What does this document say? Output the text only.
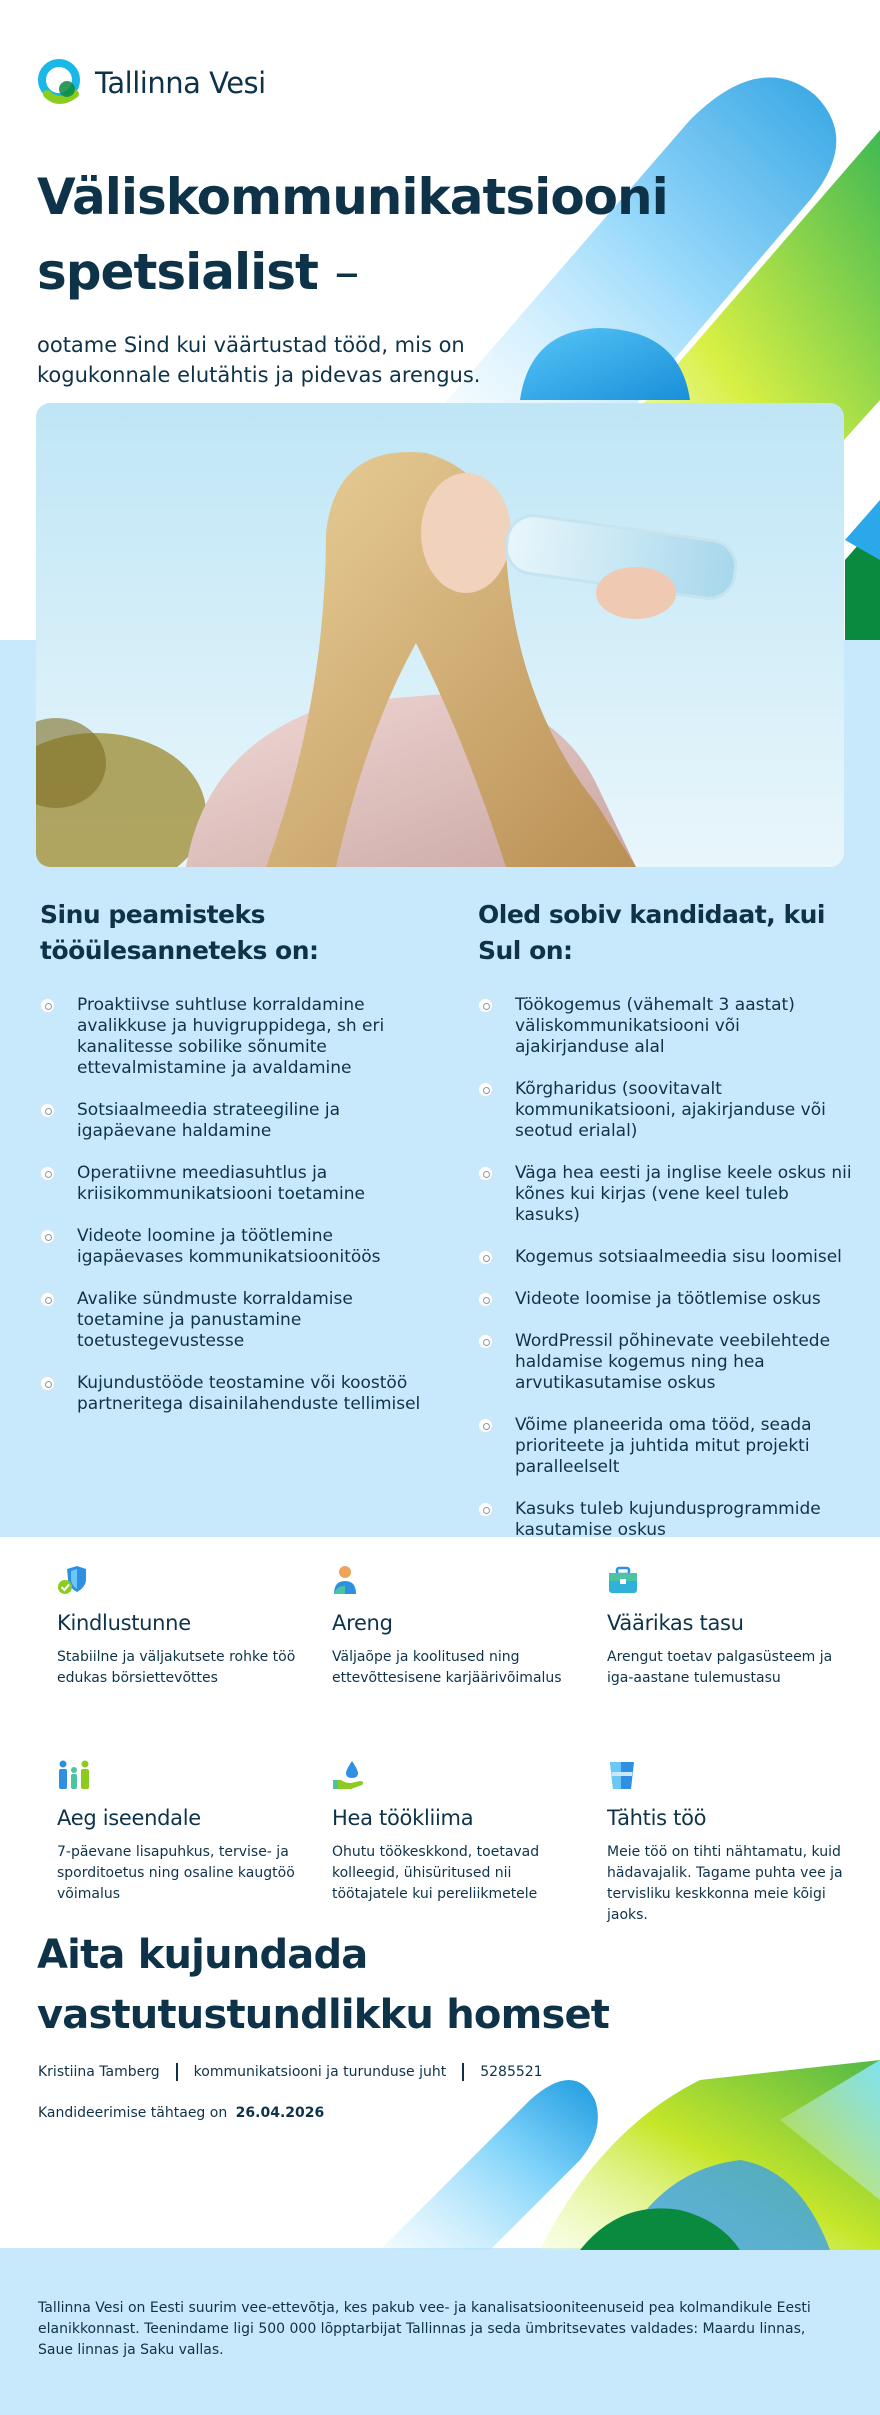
Tallinna Vesi
Väliskommunikatsiooni spetsialist –

ootame Sind kui väärtustad tööd, mis on kogukonnale elutähtis ja pidevas arengus.

Sinu peamisteks tööülesanneteks on:
Proaktiivse suhtluse korraldamine avalikkuse ja huvigruppidega, sh eri kanalitesse sobilike sõnumite ettevalmistamine ja avaldamine
Sotsiaalmeedia strateegiline ja igapäevane haldamine
Operatiivne meediasuhtlus ja kriisikommunikatsiooni toetamine
Videote loomine ja töötlemine igapäevases kommunikatsioonitöös
Avalike sündmuste korraldamise toetamine ja panustamine toetustegevustesse
Kujundustööde teostamine või koostöö partneritega disainilahenduste tellimisel
Oled sobiv kandidaat, kui Sul on:
Töökogemus (vähemalt 3 aastat) väliskommunikatsiooni või ajakirjanduse alal
Kõrgharidus (soovitavalt kommunikatsiooni, ajakirjanduse või seotud erialal)
Väga hea eesti ja inglise keele oskus nii kõnes kui kirjas (vene keel tuleb kasuks)
Kogemus sotsiaalmeedia sisu loomisel
Videote loomise ja töötlemise oskus
WordPressil põhinevate veebilehtede haldamise kogemus ning hea arvutikasutamise oskus
Võime planeerida oma tööd, seada prioriteete ja juhtida mitut projekti paralleelselt
Kasuks tuleb kujundusprogrammide kasutamise oskus
Kindlustunne
Stabiilne ja väljakutsete rohke töö edukas börsiettevõttes
Areng
Väljaõpe ja koolitused ning ettevõttesisene karjäärivõimalus
Väärikas tasu
Arengut toetav palgasüsteem ja iga-aastane tulemustasu
Aeg iseendale
7-päevane lisapuhkus, tervise- ja sporditoetus ning osaline kaugtöö võimalus
Hea töökliima
Ohutu töökeskkond, toetavad kolleegid, ühisüritused nii töötajatele kui pereliikmetele
Tähtis töö
Meie töö on tihti nähtamatu, kuid hädavajalik. Tagame puhta vee ja tervisliku keskkonna meie kõigi jaoks.
Aita kujundada vastutustundlikku homset
Kristiina Tamberg kommunikatsiooni ja turunduse juht 5285521
Kandideerimise tähtaeg on 26.04.2026

Tallinna Vesi on Eesti suurim vee-ettevõtja, kes pakub vee- ja kanalisatsiooniteenuseid pea kolmandikule Eesti elanikkonnast. Teenindame ligi 500 000 lõpptarbijat Tallinnas ja seda ümbritsevates valdades: Maardu linnas, Saue linnas ja Saku vallas.
